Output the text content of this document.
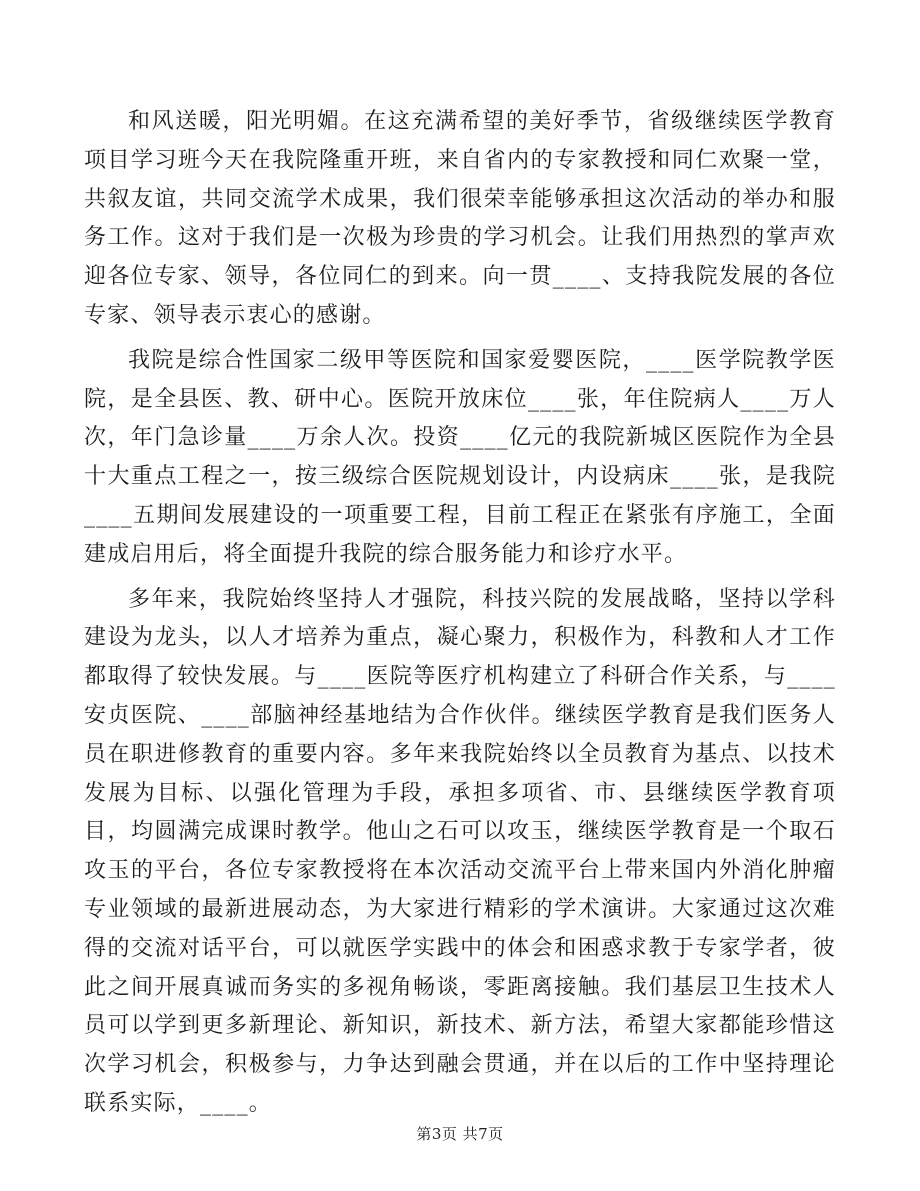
和风送暖，阳光明媚。在这充满希望的美好季节，省级继续医学教育项目学习班今天在我院隆重开班，来自省内的专家教授和同仁欢聚一堂，共叙友谊，共同交流学术成果，我们很荣幸能够承担这次活动的举办和服务工作。这对于我们是一次极为珍贵的学习机会。让我们用热烈的掌声欢迎各位专家、领导，各位同仁的到来。向一贯____、支持我院发展的各位专家、领导表示衷心的感谢。

我院是综合性国家二级甲等医院和国家爱婴医院，____医学院教学医院，是全县医、教、研中心。医院开放床位____张，年住院病人____万人次，年门急诊量____万余人次。投资____亿元的我院新城区医院作为全县十大重点工程之一，按三级综合医院规划设计，内设病床____张，是我院____五期间发展建设的一项重要工程，目前工程正在紧张有序施工，全面建成启用后，将全面提升我院的综合服务能力和诊疗水平。

多年来，我院始终坚持人才强院，科技兴院的发展战略，坚持以学科建设为龙头，以人才培养为重点，凝心聚力，积极作为，科教和人才工作都取得了较快发展。与____医院等医疗机构建立了科研合作关系，与____安贞医院、____部脑神经基地结为合作伙伴。继续医学教育是我们医务人员在职进修教育的重要内容。多年来我院始终以全员教育为基点、以技术发展为目标、以强化管理为手段，承担多项省、市、县继续医学教育项目，均圆满完成课时教学。他山之石可以攻玉，继续医学教育是一个取石攻玉的平台，各位专家教授将在本次活动交流平台上带来国内外消化肿瘤专业领域的最新进展动态，为大家进行精彩的学术演讲。大家通过这次难得的交流对话平台，可以就医学实践中的体会和困惑求教于专家学者，彼此之间开展真诚而务实的多视角畅谈，零距离接触。我们基层卫生技术人员可以学到更多新理论、新知识，新技术、新方法，希望大家都能珍惜这次学习机会，积极参与，力争达到融会贯通，并在以后的工作中坚持理论联系实际，____。

第3页 共7页
